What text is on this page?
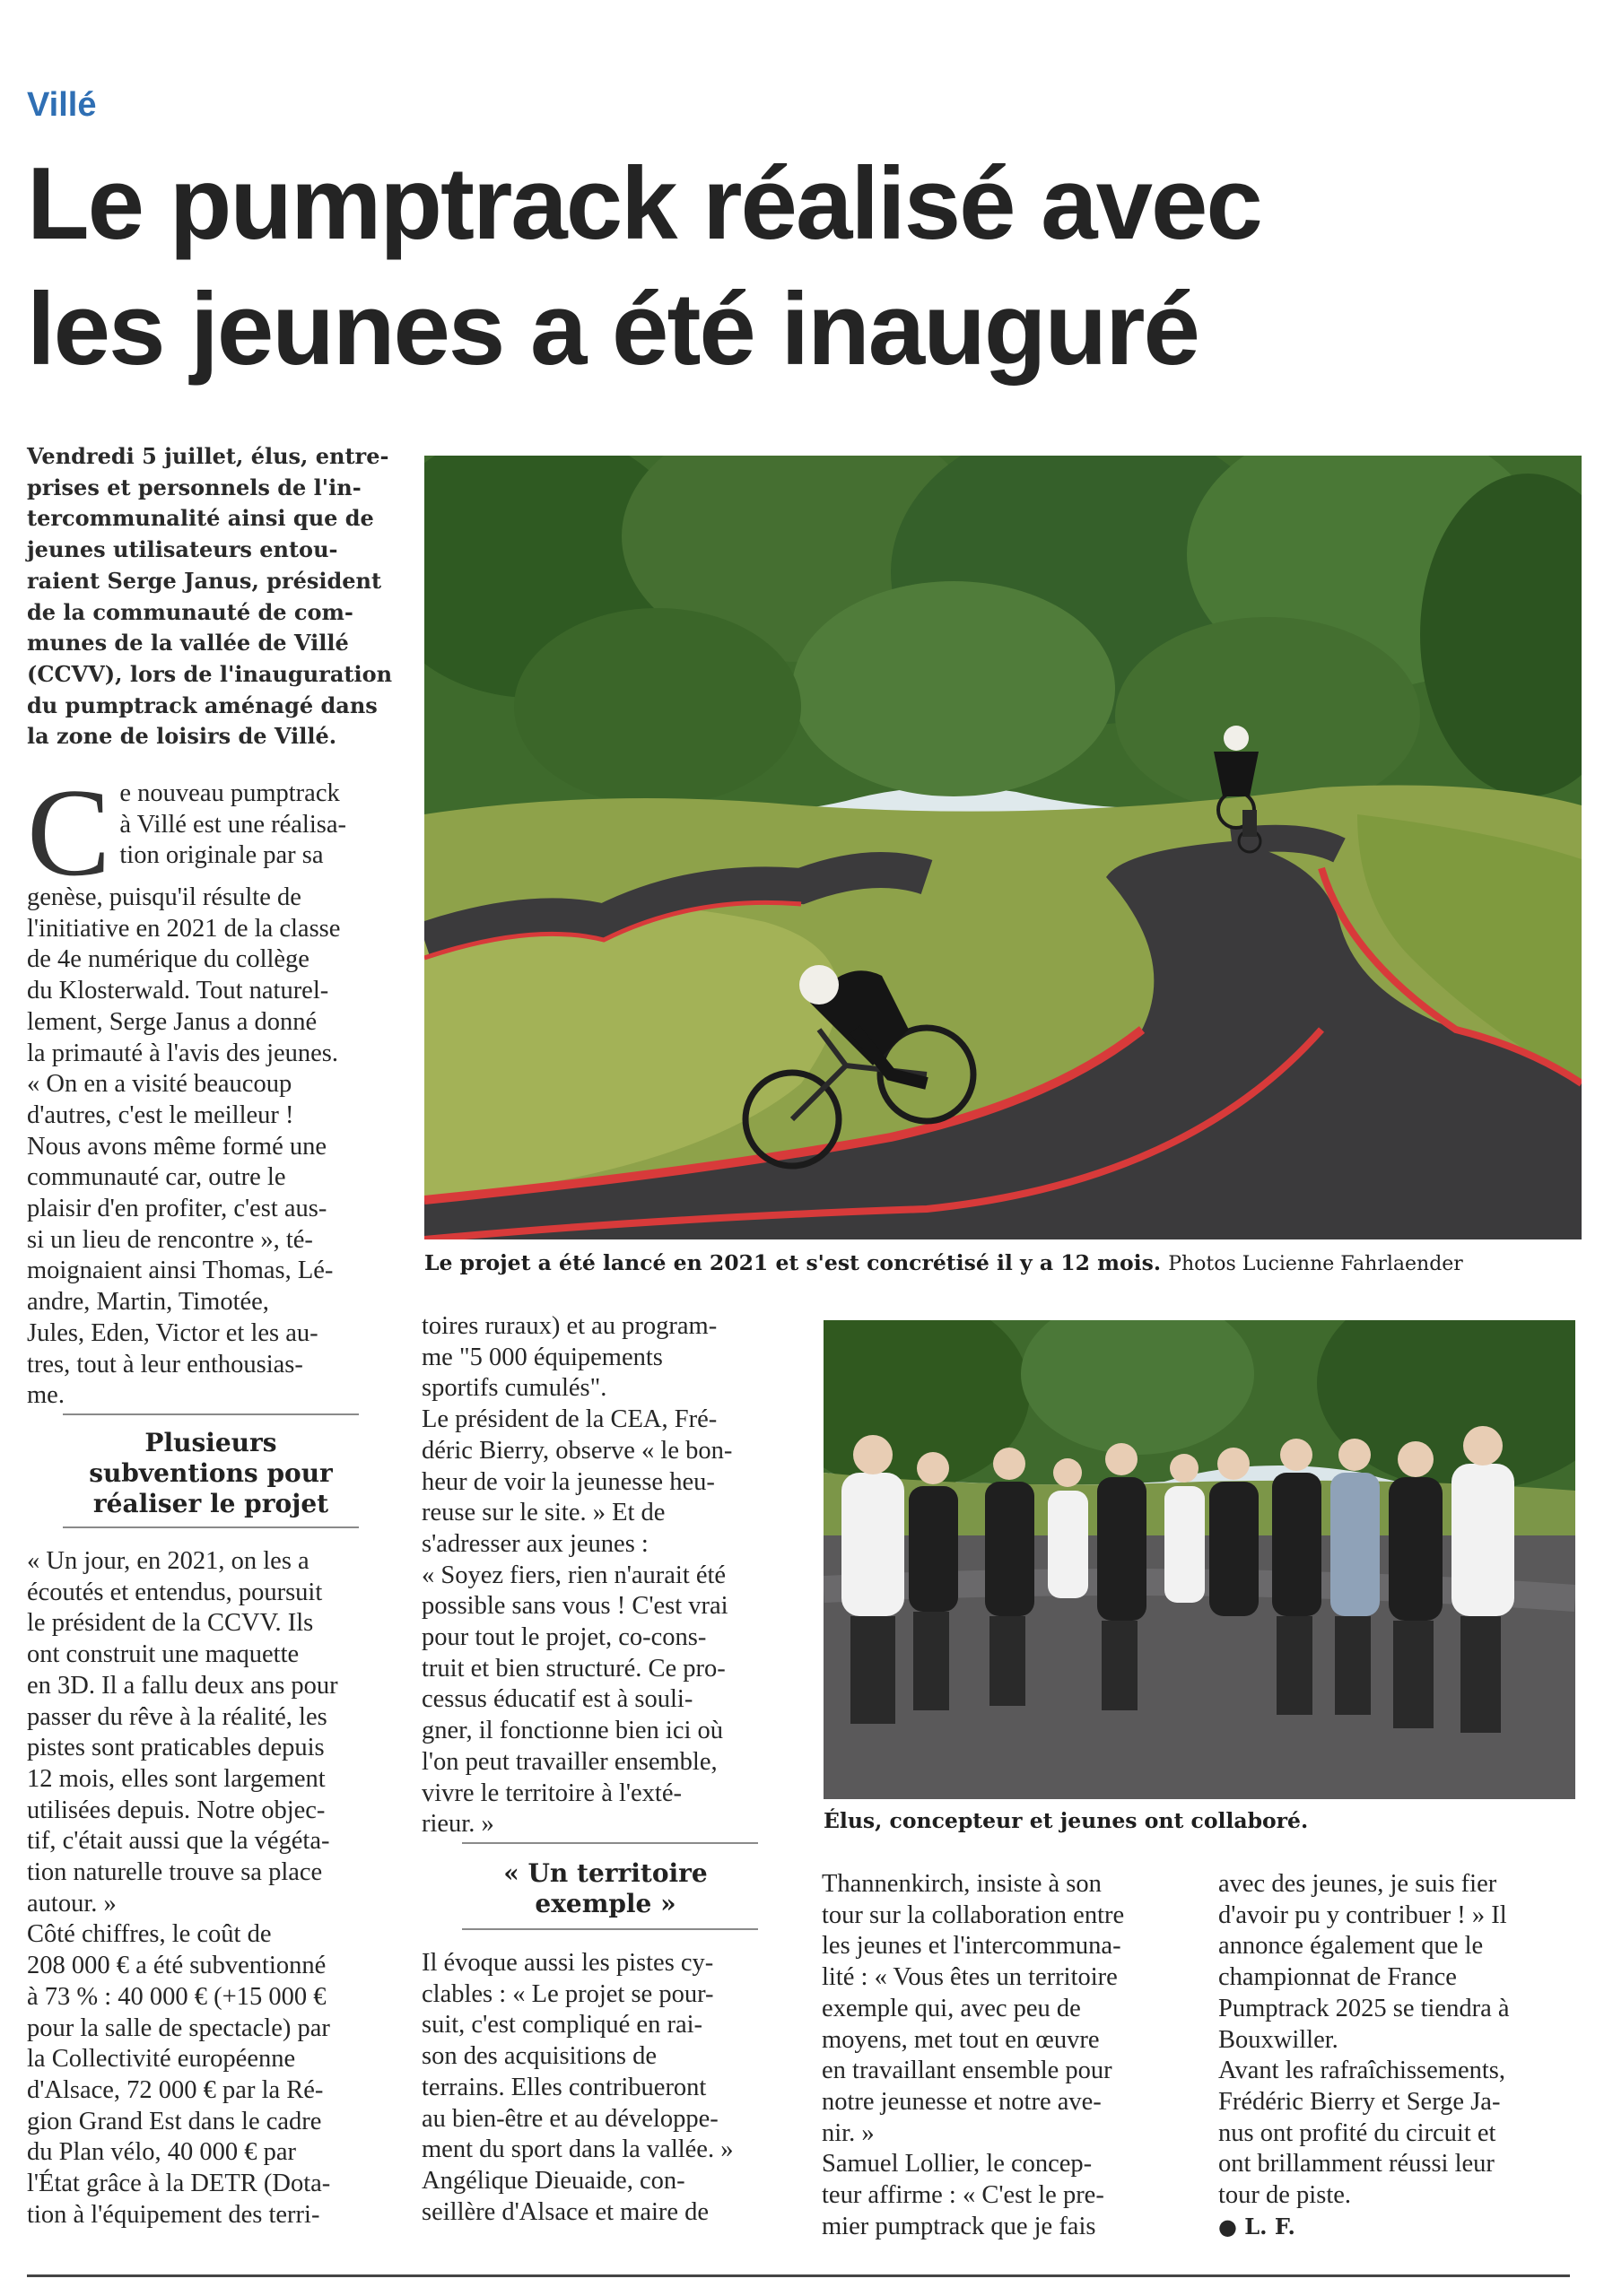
Villé
Le pumptrack réalisé avec
les jeunes a été inauguré
Vendredi 5 juillet, élus, entre-
prises et personnels de l'in-
tercommunalité ainsi que de
jeunes utilisateurs entou-
raient Serge Janus, président
de la communauté de com-
munes de la vallée de Villé
(CCVV), lors de l'inauguration
du pumptrack aménagé dans
la zone de loisirs de Villé.
C e nouveau pumptrack
à Villé est une réalisa-
tion originale par sa
genèse, puisqu'il résulte de
l'initiative en 2021 de la classe
de 4e numérique du collège
du Klosterwald. Tout naturel-
lement, Serge Janus a donné
la primauté à l'avis des jeunes.
« On en a visité beaucoup
d'autres, c'est le meilleur !
Nous avons même formé une
communauté car, outre le
plaisir d'en profiter, c'est aus-
si un lieu de rencontre », té-
moignaient ainsi Thomas, Lé-
andre, Martin, Timotée,
Jules, Eden, Victor et les au-
tres, tout à leur enthousias-
me.
Plusieurs
subventions pour
réaliser le projet
« Un jour, en 2021, on les a
écoutés et entendus, poursuit
le président de la CCVV. Ils
ont construit une maquette
en 3D. Il a fallu deux ans pour
passer du rêve à la réalité, les
pistes sont praticables depuis
12 mois, elles sont largement
utilisées depuis. Notre objec-
tif, c'était aussi que la végéta-
tion naturelle trouve sa place
autour. »
Côté chiffres, le coût de
208 000 € a été subventionné
à 73 % : 40 000 € (+15 000 €
pour la salle de spectacle) par
la Collectivité européenne
d'Alsace, 72 000 € par la Ré-
gion Grand Est dans le cadre
du Plan vélo, 40 000 € par
l'État grâce à la DETR (Dota-
tion à l'équipement des terri-
Le projet a été lancé en 2021 et s'est concrétisé il y a 12 mois. Photos Lucienne Fahrlaender
toires ruraux) et au program-
me "5 000 équipements
sportifs cumulés".
Le président de la CEA, Fré-
déric Bierry, observe « le bon-
heur de voir la jeunesse heu-
reuse sur le site. » Et de
s'adresser aux jeunes :
« Soyez fiers, rien n'aurait été
possible sans vous ! C'est vrai
pour tout le projet, co-cons-
truit et bien structuré. Ce pro-
cessus éducatif est à souli-
gner, il fonctionne bien ici où
l'on peut travailler ensemble,
vivre le territoire à l'exté-
rieur. »
« Un territoire
exemple »
Il évoque aussi les pistes cy-
clables : « Le projet se pour-
suit, c'est compliqué en rai-
son des acquisitions de
terrains. Elles contribueront
au bien-être et au développe-
ment du sport dans la vallée. »
Angélique Dieuaide, con-
seillère d'Alsace et maire de
Élus, concepteur et jeunes ont collaboré.
Thannenkirch, insiste à son
tour sur la collaboration entre
les jeunes et l'intercommuna-
lité : « Vous êtes un territoire
exemple qui, avec peu de
moyens, met tout en œuvre
en travaillant ensemble pour
notre jeunesse et notre ave-
nir. »
Samuel Lollier, le concep-
teur affirme : « C'est le pre-
mier pumptrack que je fais
avec des jeunes, je suis fier
d'avoir pu y contribuer ! » Il
annonce également que le
championnat de France
Pumptrack 2025 se tiendra à
Bouxwiller.
Avant les rafraîchissements,
Frédéric Bierry et Serge Ja-
nus ont profité du circuit et
ont brillamment réussi leur
tour de piste.
● L. F.
